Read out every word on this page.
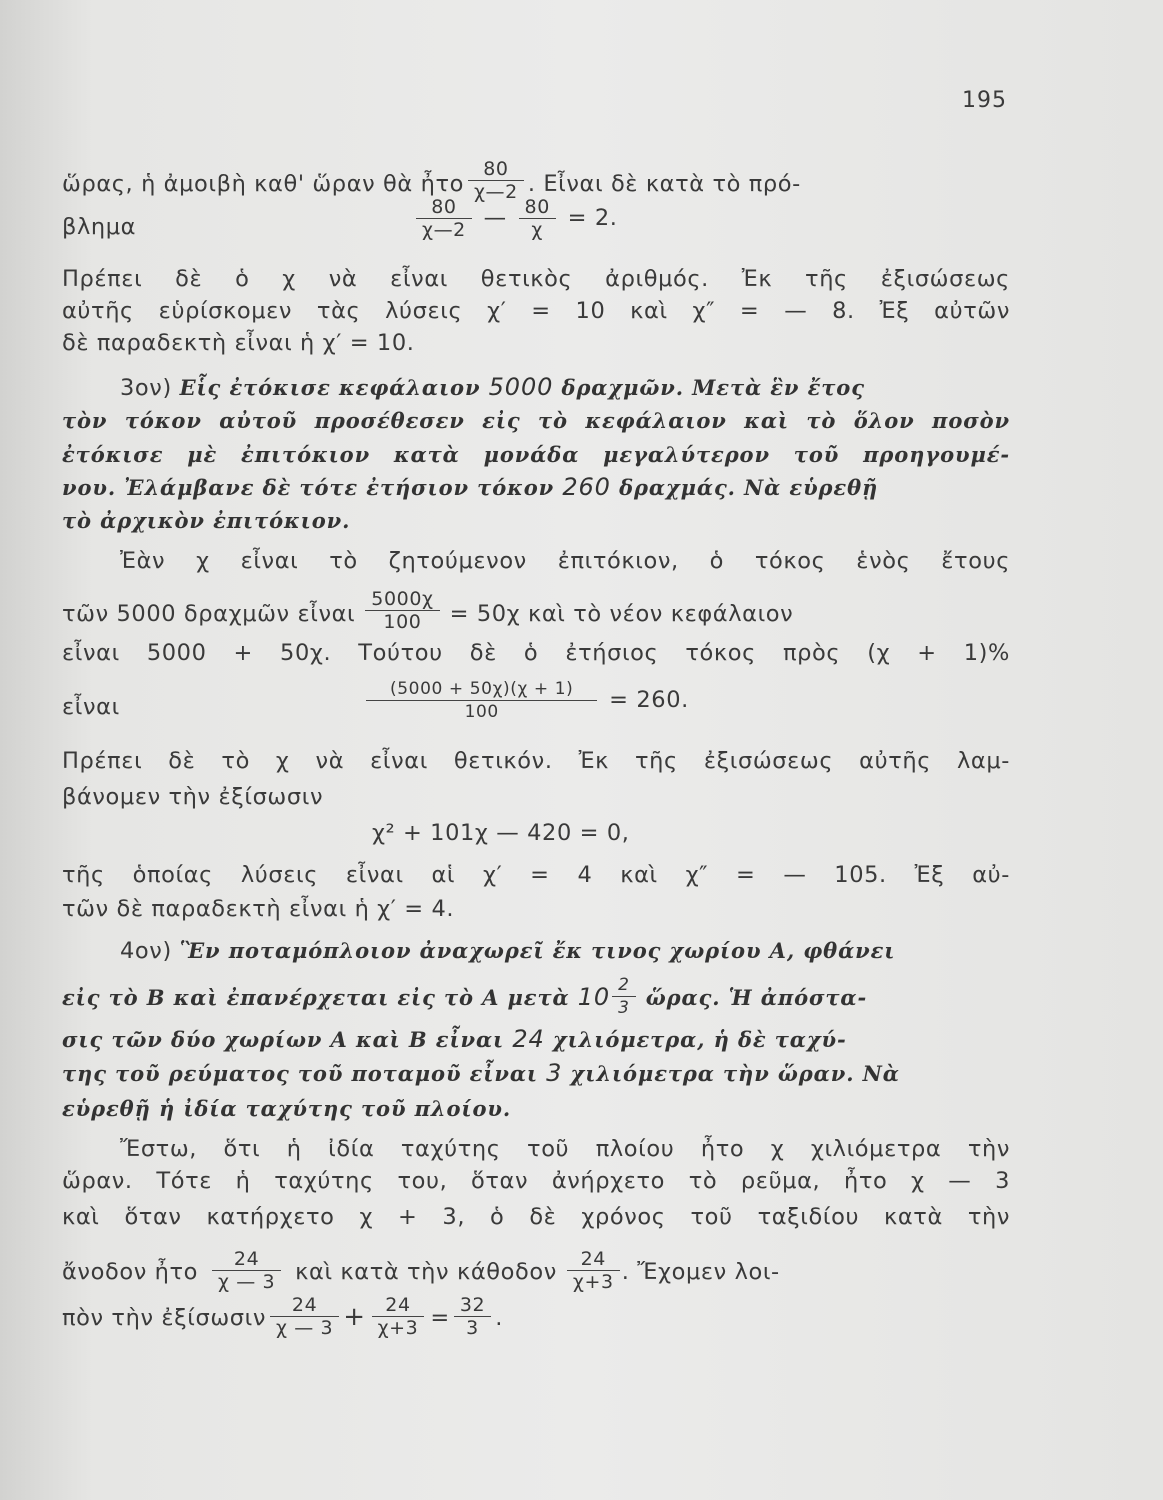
195
ὥρας, ἡ ἀμοιβὴ καθ' ὥραν θὰ ἦτο $\frac{80}{\chi—2}$ . Εἶναι δὲ κατὰ τὸ πρό-
βλημα	$\frac{80}{\chi—2}$ — $\frac{80}{\chi} = 2$.
Πρέπει δὲ ὁ χ νὰ εἶναι θετικὸς ἀριθμός. Ἐκ τῆς ἐξισώσεως
αὐτῆς εὑρίσκομεν τὰς λύσεις χ′ = 10 καὶ χ″ = — 8. Ἐξ αὐτῶν
δὲ παραδεκτὴ εἶναι ἡ χ′ = 10.
3ον) Εἷς ἐτόκισε κεφάλαιον 5000 δραχμῶν. Μετὰ ἓν ἔτος
τὸν τόκον αὐτοῦ προσέθεσεν εἰς τὸ κεφάλαιον καὶ τὸ ὅλον ποσὸν
ἐτόκισε μὲ ἐπιτόκιον κατὰ μονάδα μεγαλύτερον τοῦ προηγουμέ-
νου. Ἐλάμβανε δὲ τότε ἐτήσιον τόκον 260 δραχμάς. Νὰ εὑρεθῇ
τὸ ἀρχικὸν ἐπιτόκιον.
Ἐὰν χ εἶναι τὸ ζητούμενον ἐπιτόκιον, ὁ τόκος ἑνὸς ἔτους
τῶν 5000 δραχμῶν εἶναι $\frac{5000\chi}{100} = 50\chi$ καὶ τὸ νέον κεφάλαιον
εἶναι 5000 + 50χ. Τούτου δὲ ὁ ἐτήσιος τόκος πρὸς (χ + 1)%
εἶναι	$\frac{(5000 + 50\chi)(\chi + 1)}{100} = 260$.
Πρέπει δὲ τὸ χ νὰ εἶναι θετικόν. Ἐκ τῆς ἐξισώσεως αὐτῆς λαμ-
βάνομεν τὴν ἐξίσωσιν
χ² + 101χ — 420 = 0,
τῆς ὁποίας λύσεις εἶναι αἱ χ′ = 4 καὶ χ″ = — 105. Ἐξ αὐ-
τῶν δὲ παραδεκτὴ εἶναι ἡ χ′ = 4.
4ον) Ἓν ποταμόπλοιον ἀναχωρεῖ ἔκ τινος χωρίου Α, φθάνει
εἰς τὸ Β καὶ ἐπανέρχεται εἰς τὸ Α μετὰ $10 \frac{2}{3}$ ὥρας. Ἡ ἀπόστα-
σις τῶν δύο χωρίων Α καὶ Β εἶναι 24 χιλιόμετρα, ἡ δὲ ταχύ-
της τοῦ ρεύματος τοῦ ποταμοῦ εἶναι 3 χιλιόμετρα τὴν ὥραν. Νὰ
εὑρεθῇ ἡ ἰδία ταχύτης τοῦ πλοίου.
Ἔστω, ὅτι ἡ ἰδία ταχύτης τοῦ πλοίου ἦτο χ χιλιόμετρα τὴν
ὥραν. Τότε ἡ ταχύτης του, ὅταν ἀνήρχετο τὸ ρεῦμα, ἦτο χ — 3
καὶ ὅταν κατήρχετο χ + 3, ὁ δὲ χρόνος τοῦ ταξιδίου κατὰ τὴν
ἄνοδον ἦτο $\frac{24}{\chi — 3}$ καὶ κατὰ τὴν κάθοδον $\frac{24}{\chi+3}$ . Ἔχομεν λοι-
πὸν τὴν ἐξίσωσιν $\frac{24}{\chi — 3} + \frac{24}{\chi+3} = \frac{32}{3}$ .
